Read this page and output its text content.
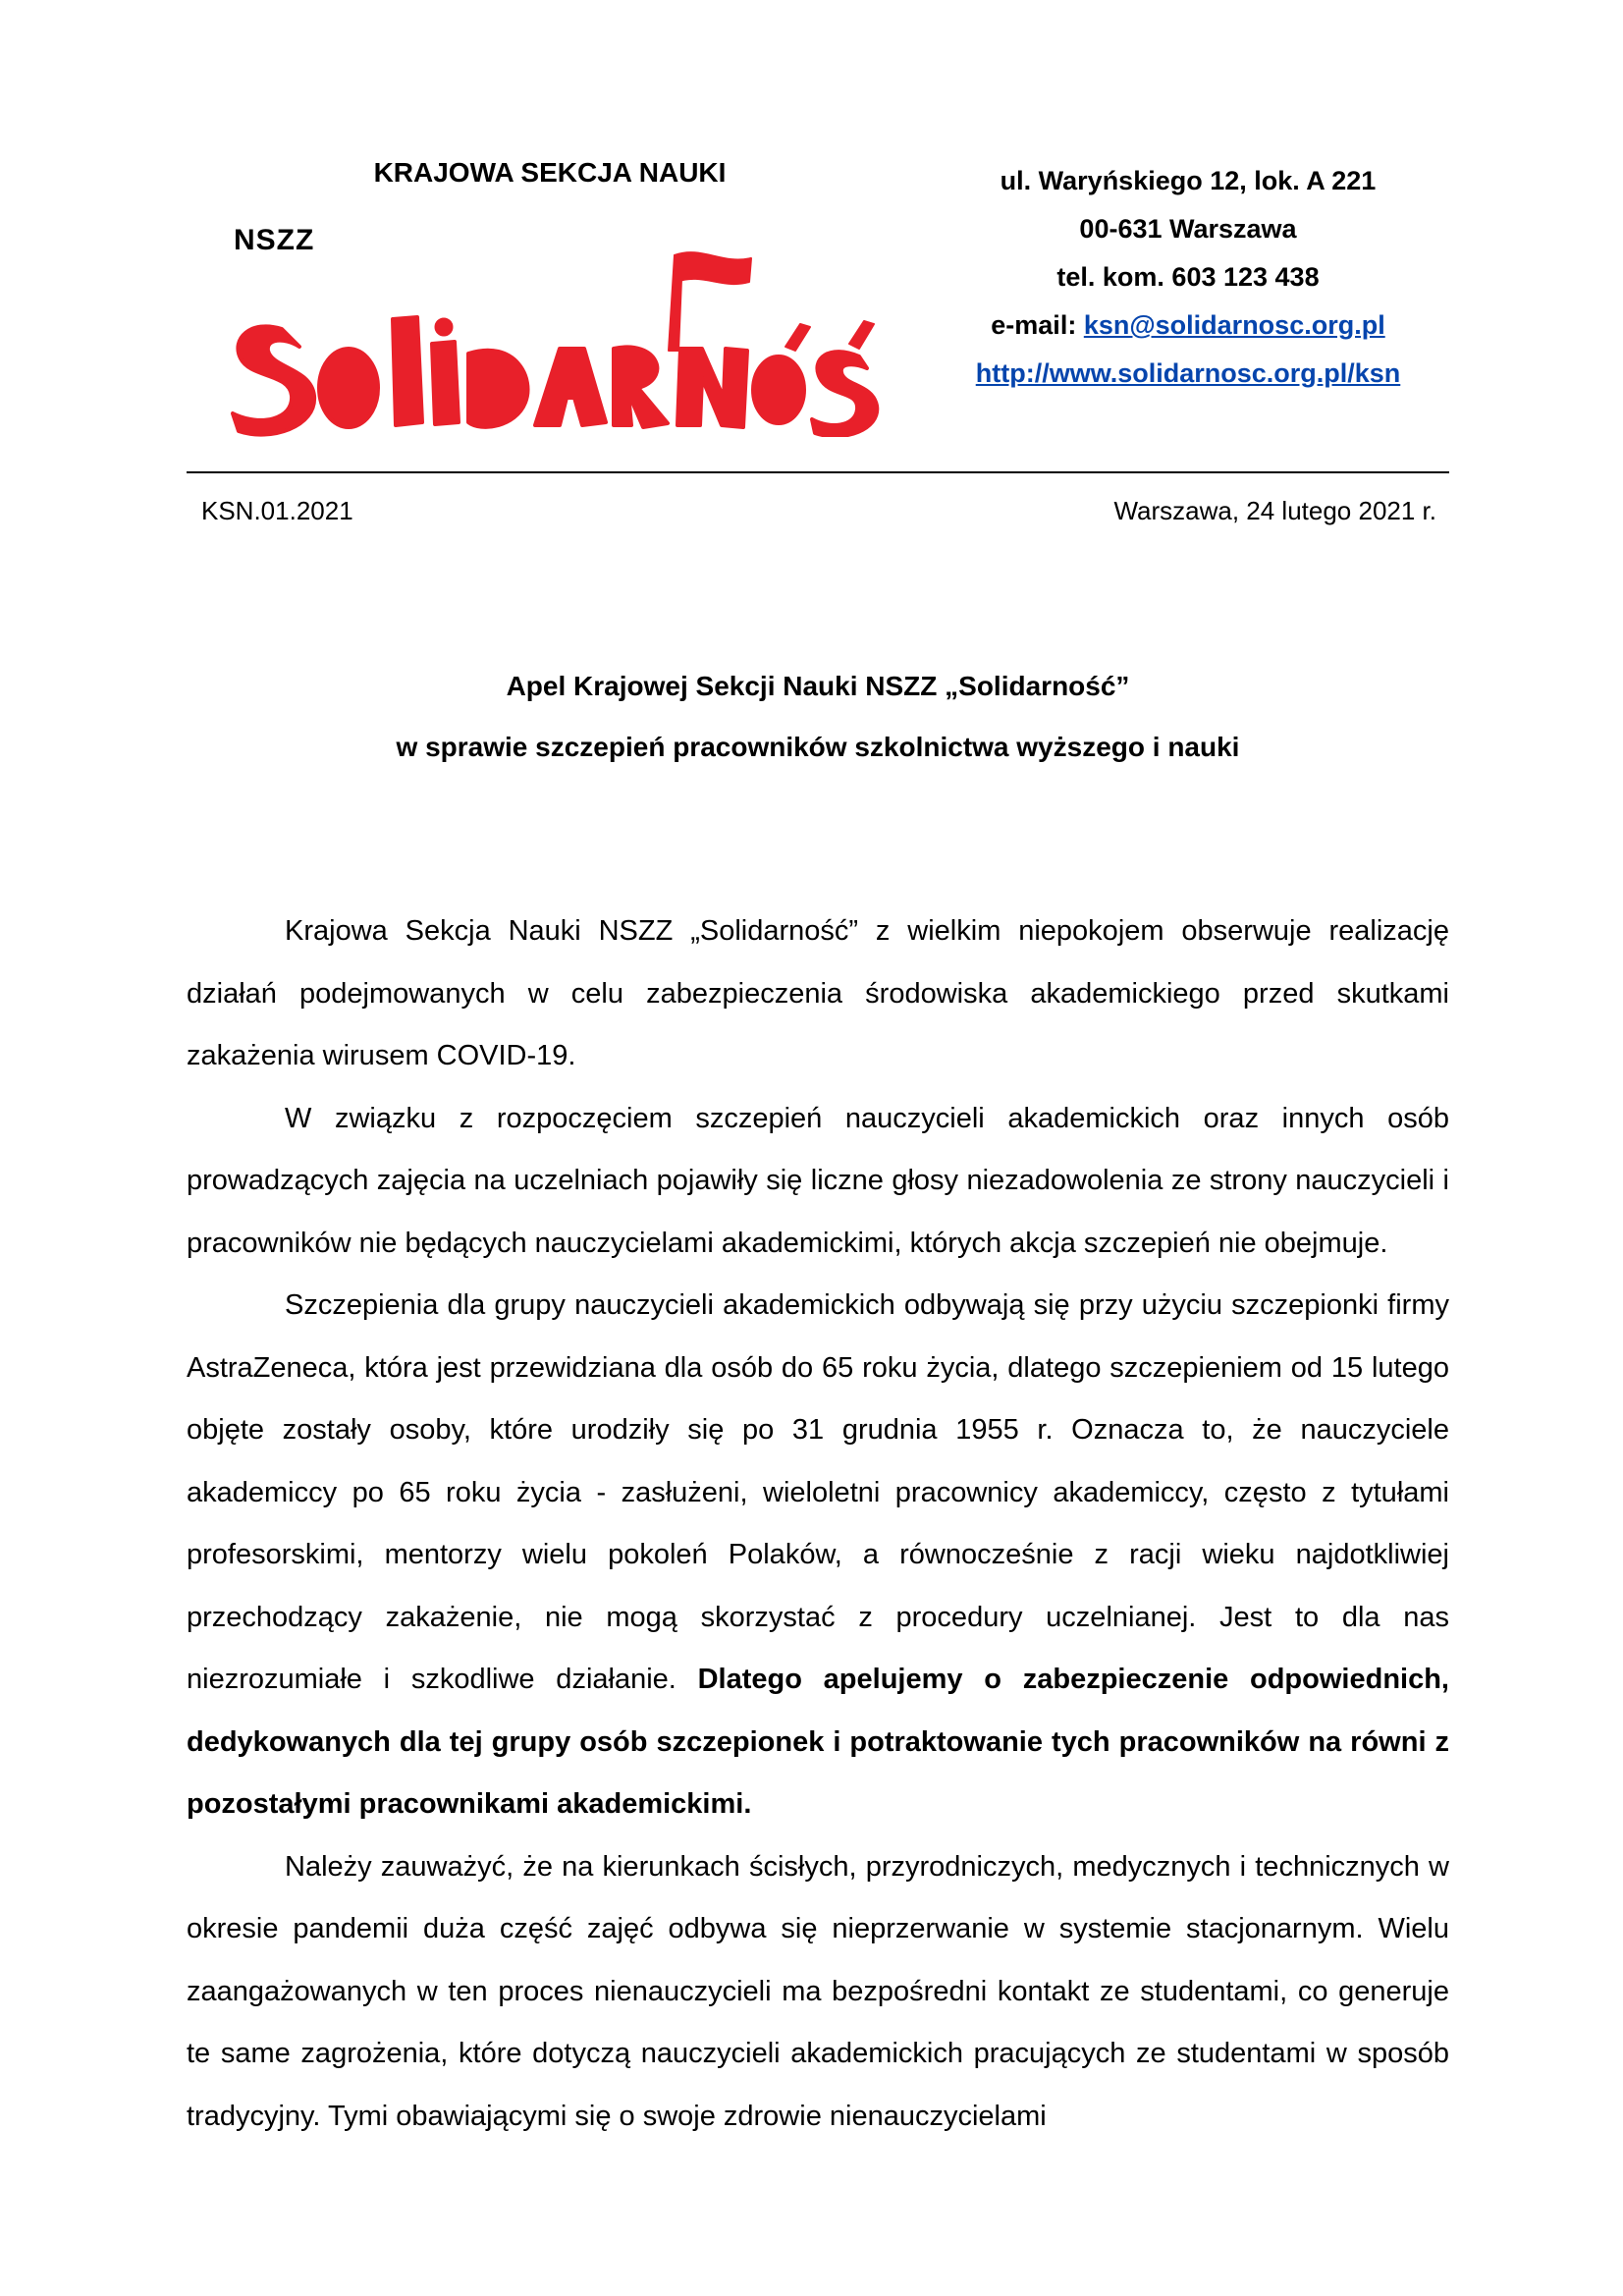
KRAJOWA SEKCJA NAUKI
NSZZ
ul. Waryńskiego 12, lok. A 221
00-631 Warszawa
tel. kom. 603 123 438
e-mail: ksn@solidarnosc.org.pl
http://www.solidarnosc.org.pl/ksn
KSN.01.2021	Warszawa, 24 lutego 2021 r.
Apel Krajowej Sekcji Nauki NSZZ „Solidarność”
w sprawie szczepień pracowników szkolnictwa wyższego i nauki

Krajowa Sekcja Nauki NSZZ „Solidarność” z wielkim niepokojem obserwuje realizację działań podejmowanych w celu zabezpieczenia środowiska akademickiego przed skutkami zakażenia wirusem COVID-19.

W związku z rozpoczęciem szczepień nauczycieli akademickich oraz innych osób prowadzących zajęcia na uczelniach pojawiły się liczne głosy niezadowolenia ze strony nauczycieli i pracowników nie będących nauczycielami akademickimi, których akcja szczepień nie obejmuje.

Szczepienia dla grupy nauczycieli akademickich odbywają się przy użyciu szczepionki firmy AstraZeneca, która jest przewidziana dla osób do 65 roku życia, dlatego szczepieniem od 15 lutego objęte zostały osoby, które urodziły się po 31 grudnia 1955 r. Oznacza to, że nauczyciele akademiccy po 65 roku życia - zasłużeni, wieloletni pracownicy akademiccy, często z tytułami profesorskimi, mentorzy wielu pokoleń Polaków, a równocześnie z racji wieku najdotkliwiej przechodzący zakażenie, nie mogą skorzystać z procedury uczelnianej. Jest to dla nas niezrozumiałe i szkodliwe działanie. Dlatego apelujemy o zabezpieczenie odpowiednich, dedykowanych dla tej grupy osób szczepionek i potraktowanie tych pracowników na równi z pozostałymi pracownikami akademickimi.

Należy zauważyć, że na kierunkach ścisłych, przyrodniczych, medycznych i technicznych w okresie pandemii duża część zajęć odbywa się nieprzerwanie w systemie stacjonarnym. Wielu zaangażowanych w ten proces nienauczycieli ma bezpośredni kontakt ze studentami, co generuje te same zagrożenia, które dotyczą nauczycieli akademickich pracujących ze studentami w sposób tradycyjny. Tymi obawiającymi się o swoje zdrowie nienauczycielami
